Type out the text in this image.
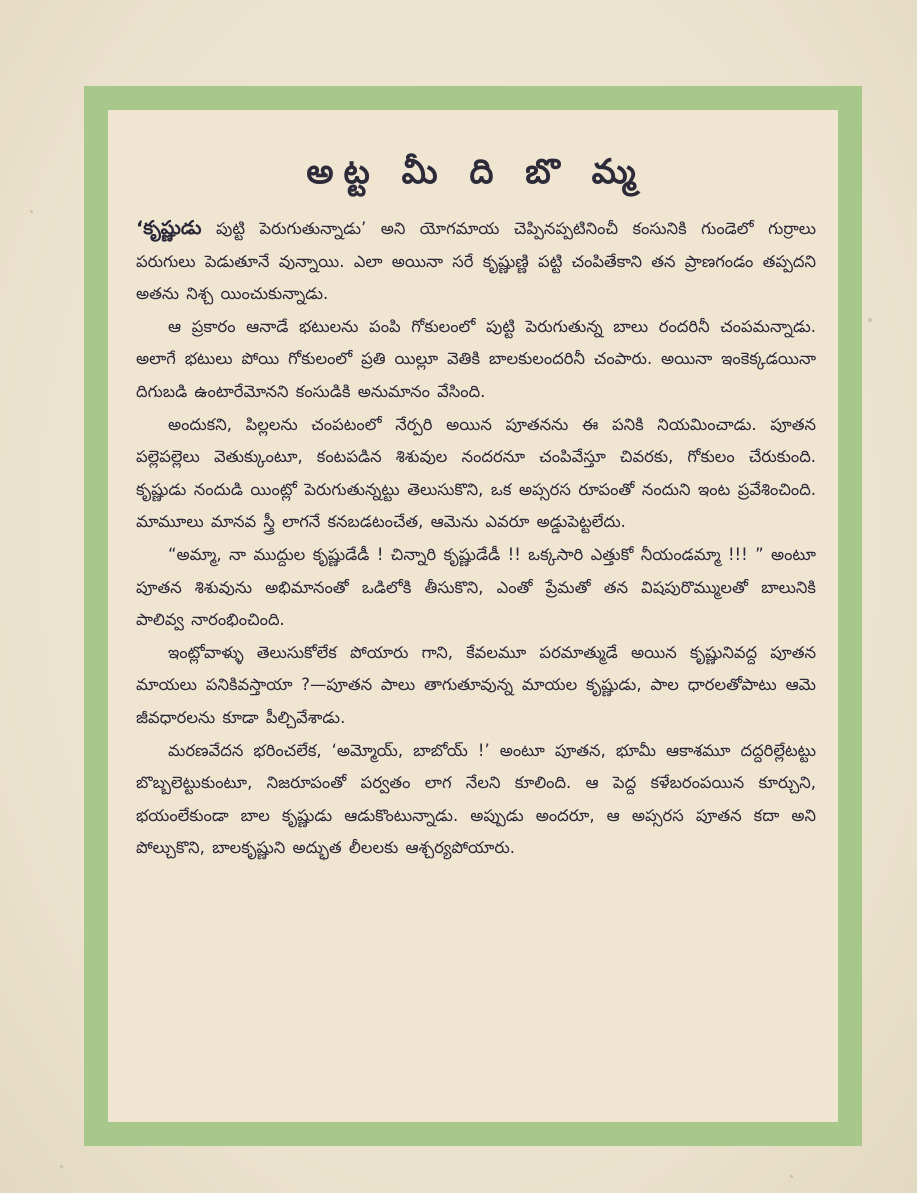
అట్ట మీ ది బొ మ్మ

‘కృష్ణుడు పుట్టి పెరుగుతున్నాడు’ అని యోగమాయ చెప్పినప్పటినించీ కంసునికి గుండెలో గుర్రాలు పరుగులు పెడుతూనే వున్నాయి. ఎలా అయినా సరే కృష్ణుణ్ణి పట్టి చంపితేకాని తన ప్రాణగండం తప్పదని అతను నిశ్చ యించుకున్నాడు.

ఆ ప్రకారం ఆనాడే భటులను పంపి గోకులంలో పుట్టి పెరుగుతున్న బాలు రందరినీ చంపమన్నాడు. అలాగే భటులు పోయి గోకులంలో ప్రతి యిల్లూ వెతికి బాలకులందరినీ చంపారు. అయినా ఇంకెక్కడయినా దిగుబడి ఉంటారేమోనని కంసుడికి అనుమానం వేసింది.

అందుకని, పిల్లలను చంపటంలో నేర్పరి అయిన పూతనను ఈ పనికి నియమించాడు. పూతన పల్లెపల్లెలు వెతుక్కుంటూ, కంటపడిన శిశువుల నందరనూ చంపివేస్తూ చివరకు, గోకులం చేరుకుంది. కృష్ణుడు నందుడి యింట్లో పెరుగుతున్నట్టు తెలుసుకొని, ఒక అప్సరస రూపంతో నందుని ఇంట ప్రవేశించింది. మామూలు మానవ స్త్రీ లాగనే కనబడటంచేత, ఆమెను ఎవరూ అడ్డుపెట్టలేదు.

“అమ్మా, నా ముద్దుల కృష్ణుడేడీ ! చిన్నారి కృష్ణుడేడీ !! ఒక్కసారి ఎత్తుకో నీయండమ్మా !!! ” అంటూ పూతన శిశువును అభిమానంతో ఒడిలోకి తీసుకొని, ఎంతో ప్రేమతో తన విషపురొమ్ములతో బాలునికి పాలివ్వ నారంభించింది.

ఇంట్లోవాళ్ళు తెలుసుకోలేక పోయారు గాని, కేవలమూ పరమాత్ముడే అయిన కృష్ణునివద్ద పూతన మాయలు పనికివస్తాయా ?—పూతన పాలు తాగుతూవున్న మాయల కృష్ణుడు, పాల ధారలతోపాటు ఆమె జీవధారలను కూడా పీల్చివేశాడు.

మరణవేదన భరించలేక, ‘అమ్మోయ్, బాబోయ్ !’ అంటూ పూతన, భూమీ ఆకాశమూ దద్దరిల్లేటట్టు బొబ్బలెట్టుకుంటూ, నిజరూపంతో పర్వతం లాగ నేలని కూలింది. ఆ పెద్ద కళేబరంపయిన కూర్చుని, భయంలేకుండా బాల కృష్ణుడు ఆడుకొంటున్నాడు. అప్పుడు అందరూ, ఆ అప్సరస పూతన కదా అని పోల్చుకొని, బాలకృష్ణుని అద్భుత లీలలకు ఆశ్చర్యపోయారు.
